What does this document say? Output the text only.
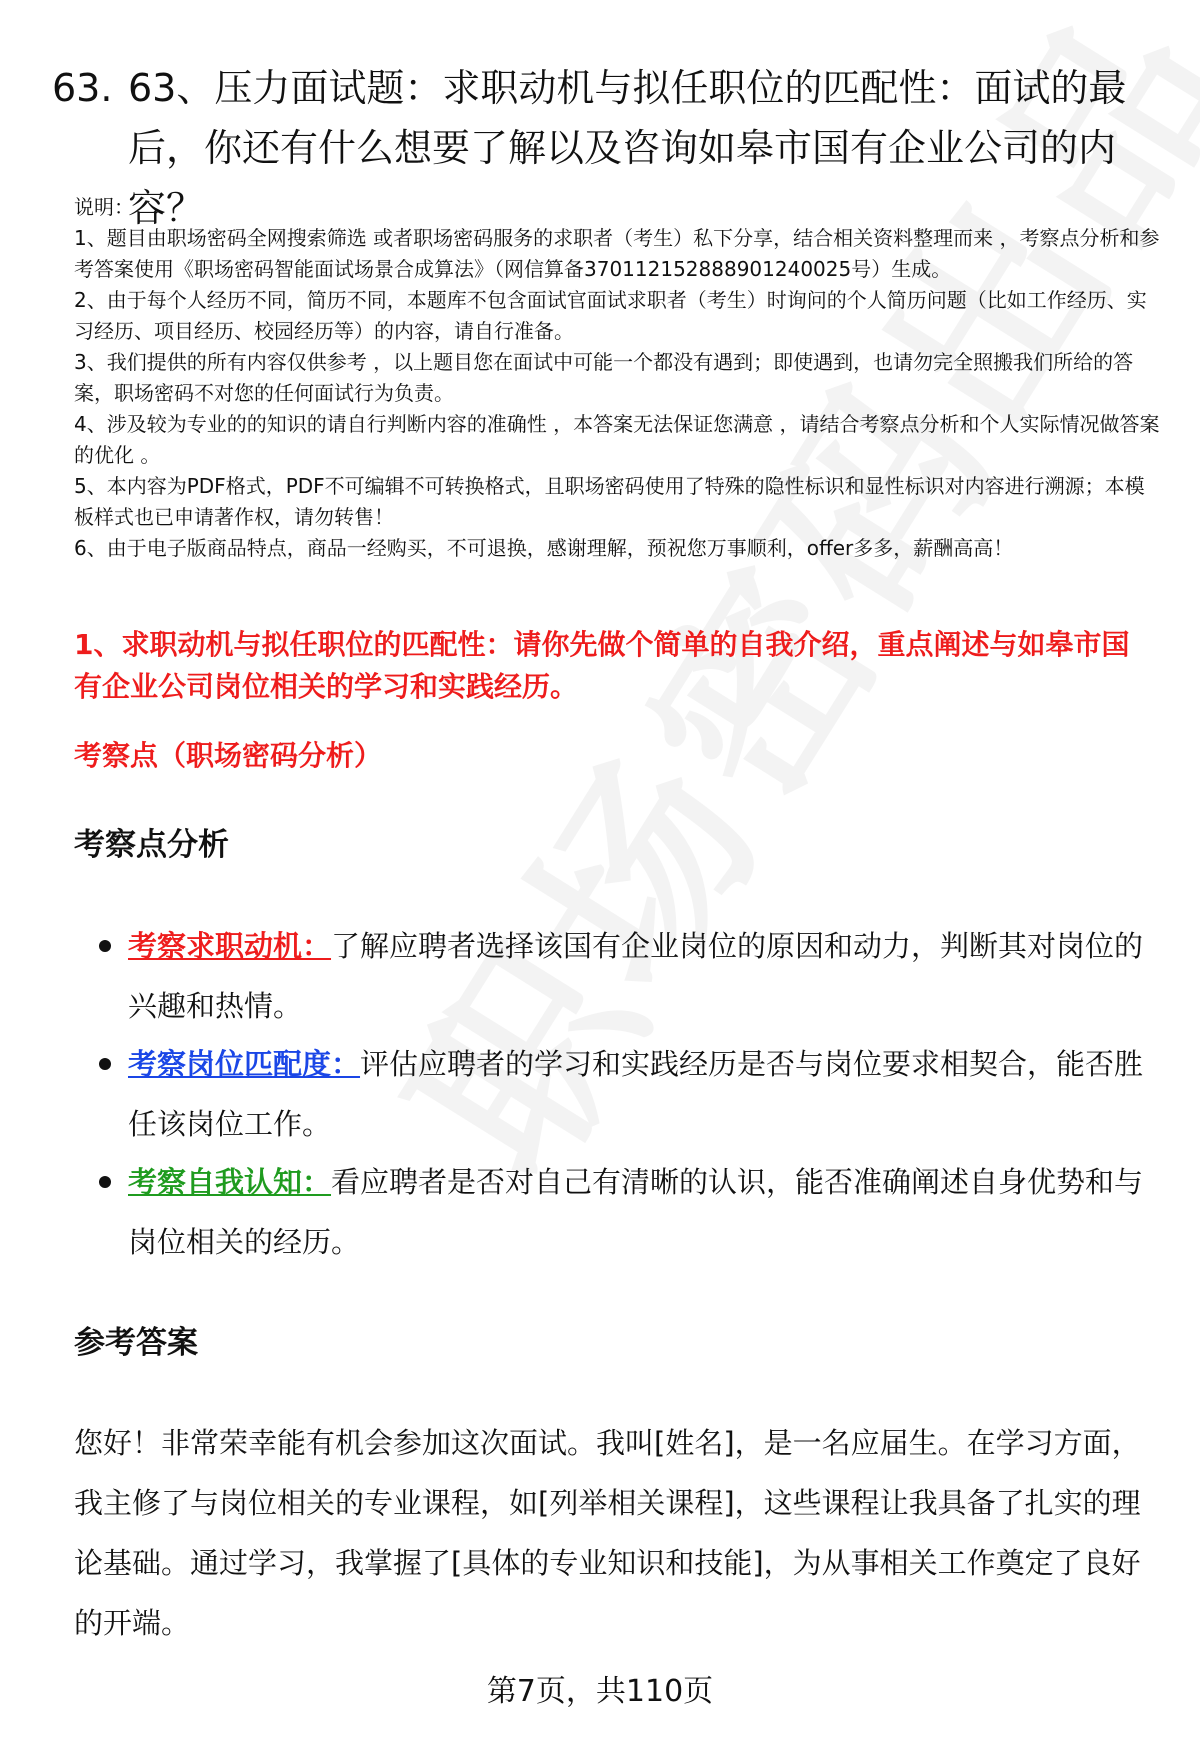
63. 63、压力面试题：求职动机与拟任职位的匹配性：面试的最后，你还有什么想要了解以及咨询如皋市国有企业公司的内容？

说明：

1、题目由职场密码全网搜索筛选 或者职场密码服务的求职者（考生）私下分享，结合相关资料整理而来 ，考察点分析和参考答案使用《职场密码智能面试场景合成算法》（网信算备370112152888901240025号）生成。

2、由于每个人经历不同，简历不同，本题库不包含面试官面试求职者（考生）时询问的个人简历问题（比如工作经历、实习经历、项目经历、校园经历等）的内容，请自行准备。

3、我们提供的所有内容仅供参考 ，以上题目您在面试中可能一个都没有遇到；即使遇到，也请勿完全照搬我们所给的答案，职场密码不对您的任何面试行为负责。

4、涉及较为专业的的知识的请自行判断内容的准确性 ，本答案无法保证您满意 ，请结合考察点分析和个人实际情况做答案的优化 。

5、本内容为PDF格式，PDF不可编辑不可转换格式，且职场密码使用了特殊的隐性标识和显性标识对内容进行溯源；本模板样式也已申请著作权，请勿转售！

6、由于电子版商品特点，商品一经购买，不可退换，感谢理解，预祝您万事顺利，offer多多，薪酬高高！

1、求职动机与拟任职位的匹配性：请你先做个简单的自我介绍，重点阐述与如皋市国有企业公司岗位相关的学习和实践经历。
考察点（职场密码分析）
考察点分析
考察求职动机：了解应聘者选择该国有企业岗位的原因和动力，判断其对岗位的兴趣和热情。
考察岗位匹配度：评估应聘者的学习和实践经历是否与岗位要求相契合，能否胜任该岗位工作。
考察自我认知：看应聘者是否对自己有清晰的认识，能否准确阐述自身优势和与岗位相关的经历。
参考答案
您好！非常荣幸能有机会参加这次面试。我叫[姓名]，是一名应届生。在学习方面，我主修了与岗位相关的专业课程，如[列举相关课程]，这些课程让我具备了扎实的理论基础。通过学习，我掌握了[具体的专业知识和技能]，为从事相关工作奠定了良好的开端。
第7页，共110页
